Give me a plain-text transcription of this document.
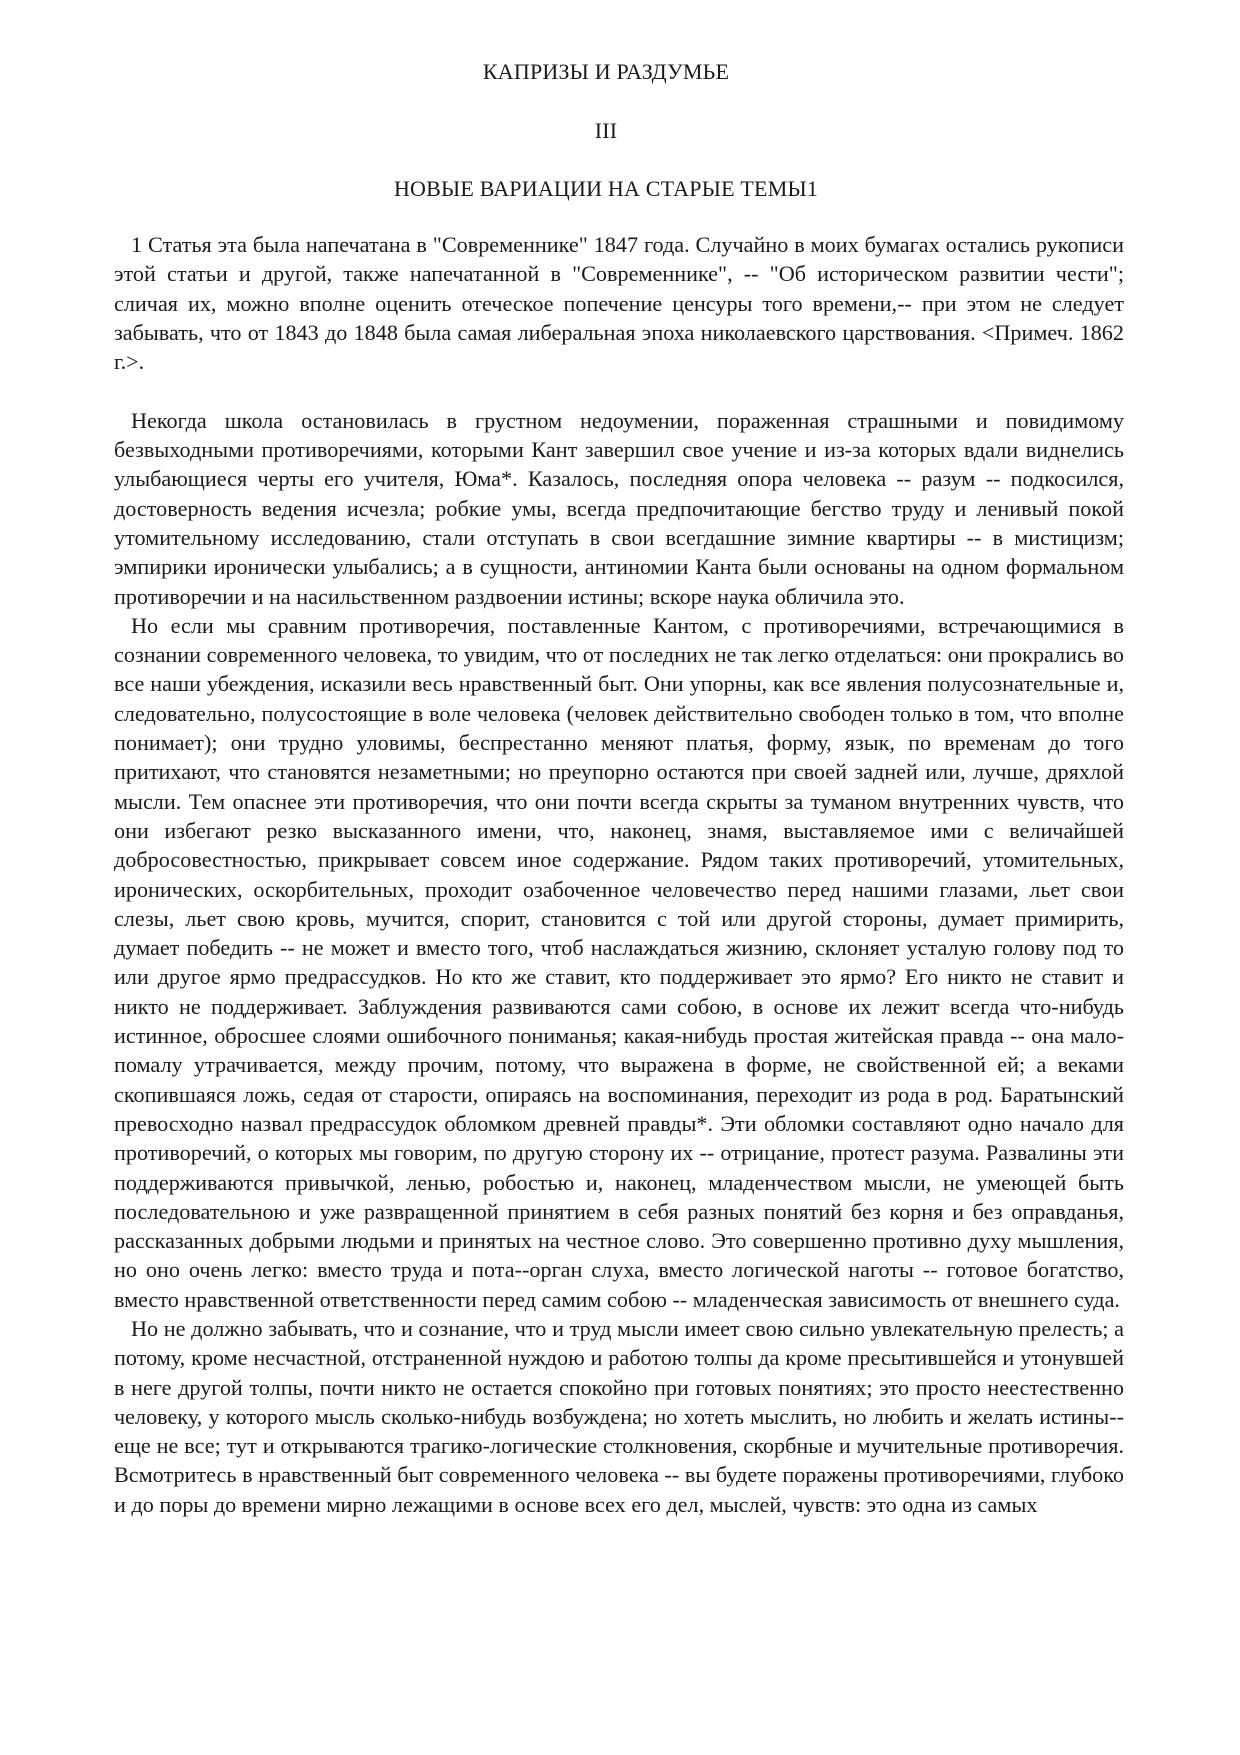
КАПРИЗЫ И РАЗДУМЬЕ
III
НОВЫЕ ВАРИАЦИИ НА СТАРЫЕ ТЕМЫ1

1 Статья эта была напечатана в "Современнике" 1847 года. Случайно в моих бумагах остались рукописи этой статьи и другой, также напечатанной в "Современнике", -- "Об историческом развитии чести"; сличая их, можно вполне оценить отеческое попечение ценсуры того времени,-- при этом не следует забывать, что от 1843 до 1848 была самая либеральная эпоха николаевского царствования. <Примеч. 1862 г.>.

Некогда школа остановилась в грустном недоумении, пораженная страшными и повидимому безвыходными противоречиями, которыми Кант завершил свое учение и из-за которых вдали виднелись улыбающиеся черты его учителя, Юма*. Казалось, последняя опора человека -- разум -- подкосился, достоверность ведения исчезла; робкие умы, всегда предпочитающие бегство труду и ленивый покой утомительному исследованию, стали отступать в свои всегдашние зимние квартиры -- в мистицизм; эмпирики иронически улыбались; а в сущности, антиномии Канта были основаны на одном формальном противоречии и на насильственном раздвоении истины; вскоре наука обличила это.

Но если мы сравним противоречия, поставленные Кантом, с противоречиями, встречающимися в сознании современного человека, то увидим, что от последних не так легко отделаться: они прокрались во все наши убеждения, исказили весь нравственный быт. Они упорны, как все явления полусознательные и, следовательно, полусостоящие в воле человека (человек действительно свободен только в том, что вполне понимает); они трудно уловимы, беспрестанно меняют платья, форму, язык, по временам до того притихают, что становятся незаметными; но преупорно остаются при своей задней или, лучше, дряхлой мысли. Тем опаснее эти противоречия, что они почти всегда скрыты за туманом внутренних чувств, что они избегают резко высказанного имени, что, наконец, знамя, выставляемое ими с величайшей добросовестностью, прикрывает совсем иное содержание. Рядом таких противоречий, утомительных, иронических, оскорбительных, проходит озабоченное человечество перед нашими глазами, льет свои слезы, льет свою кровь, мучится, спорит, становится с той или другой стороны, думает примирить, думает победить -- не может и вместо того, чтоб наслаждаться жизнию, склоняет усталую голову под то или другое ярмо предрассудков. Но кто же ставит, кто поддерживает это ярмо? Его никто не ставит и никто не поддерживает. Заблуждения развиваются сами собою, в основе их лежит всегда что-нибудь истинное, обросшее слоями ошибочного пониманья; какая-нибудь простая житейская правда -- она мало-помалу утрачивается, между прочим, потому, что выражена в форме, не свойственной ей; а веками скопившаяся ложь, седая от старости, опираясь на воспоминания, переходит из рода в род. Баратынский превосходно назвал предрассудок обломком древней правды*. Эти обломки составляют одно начало для противоречий, о которых мы говорим, по другую сторону их -- отрицание, протест разума. Развалины эти поддерживаются привычкой, ленью, робостью и, наконец, младенчеством мысли, не умеющей быть последовательною и уже развращенной принятием в себя разных понятий без корня и без оправданья, рассказанных добрыми людьми и принятых на честное слово. Это совершенно противно духу мышления, но оно очень легко: вместо труда и пота--орган слуха, вместо логической наготы -- готовое богатство, вместо нравственной ответственности перед самим собою -- младенческая зависимость от внешнего суда.

Но не должно забывать, что и сознание, что и труд мысли имеет свою сильно увлекательную прелесть; а потому, кроме несчастной, отстраненной нуждою и работою толпы да кроме пресытившейся и утонувшей в неге другой толпы, почти никто не остается спокойно при готовых понятиях; это просто неестественно человеку, у которого мысль сколько-нибудь возбуждена; но хотеть мыслить, но любить и желать истины--еще не все; тут и открываются трагико-логические столкновения, скорбные и мучительные противоречия. Всмотритесь в нравственный быт современного человека -- вы будете поражены противоречиями, глубоко и до поры до времени мирно лежащими в основе всех его дел, мыслей, чувств: это одна из самых
